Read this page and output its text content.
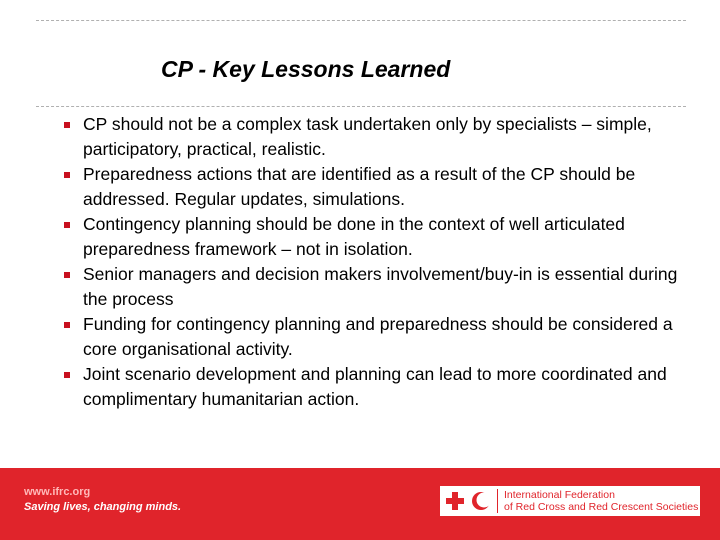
CP - Key Lessons Learned
CP should not be a complex task undertaken only by specialists – simple, participatory, practical, realistic.
Preparedness actions that are identified as a result of the CP should be addressed. Regular updates, simulations.
Contingency planning should be done in the context of well articulated preparedness framework – not in isolation.
Senior managers and decision makers involvement/buy-in is essential during the process
Funding for contingency planning and preparedness should be considered a core organisational activity.
Joint scenario development and planning can lead to more coordinated and complimentary humanitarian action.
www.ifrc.org
Saving lives, changing minds.
International Federation
of Red Cross and Red Crescent Societies
